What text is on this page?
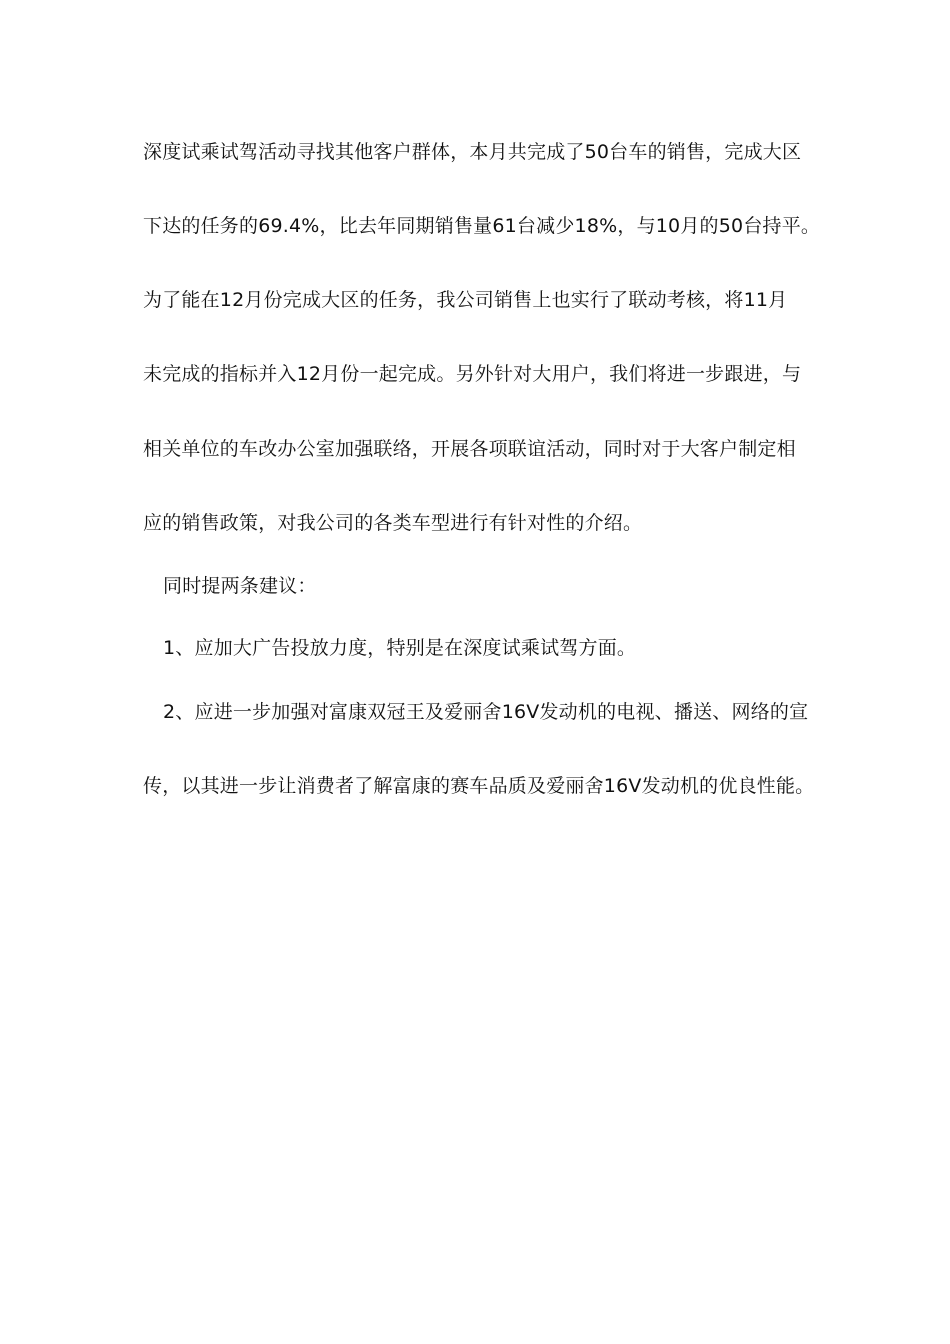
深度试乘试驾活动寻找其他客户群体，本月共完成了50台车的销售，完成大区
下达的任务的69.4%，比去年同期销售量61台减少18%，与10月的50台持平。
为了能在12月份完成大区的任务，我公司销售上也实行了联动考核，将11月
未完成的指标并入12月份一起完成。另外针对大用户，我们将进一步跟进，与
相关单位的车改办公室加强联络，开展各项联谊活动，同时对于大客户制定相
应的销售政策，对我公司的各类车型进行有针对性的介绍。
同时提两条建议：
1、应加大广告投放力度，特别是在深度试乘试驾方面。
2、应进一步加强对富康双冠王及爱丽舍16V发动机的电视、播送、网络的宣
传，以其进一步让消费者了解富康的赛车品质及爱丽舍16V发动机的优良性能。
